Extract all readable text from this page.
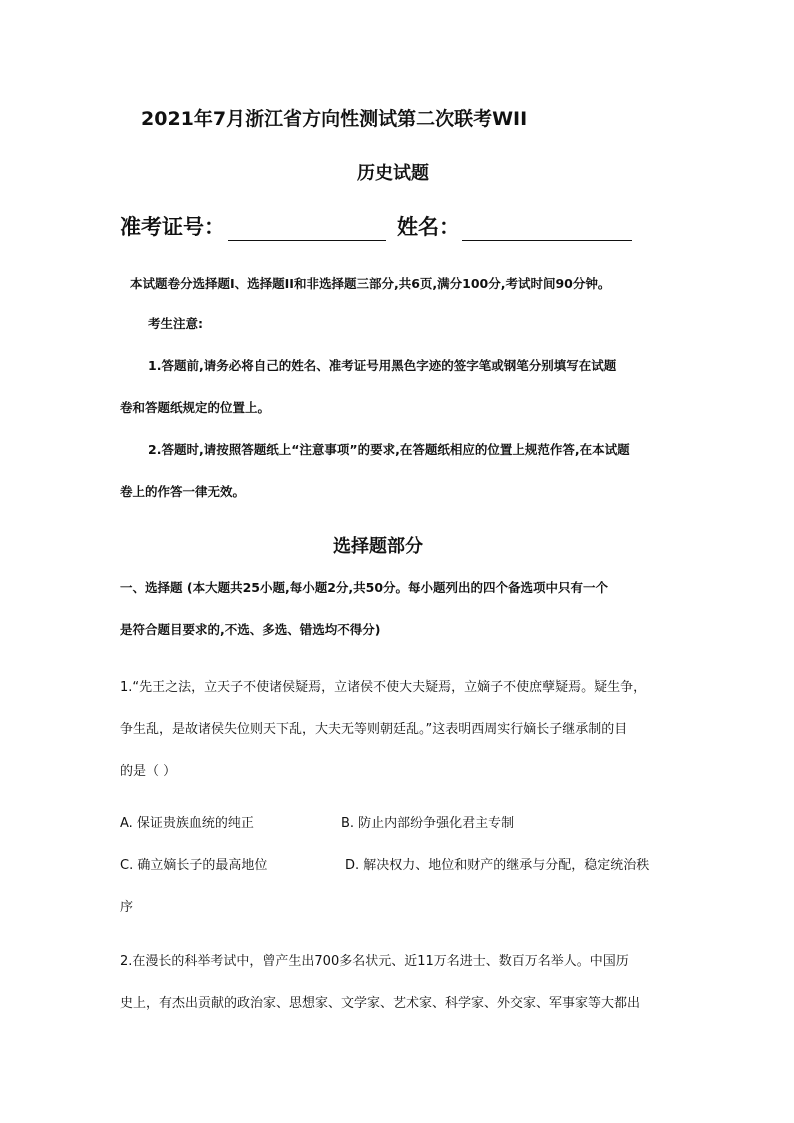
2021年7月浙江省方向性测试第二次联考WII
历史试题
准考证号：	姓名：
本试题卷分选择题I、选择题II和非选择题三部分,共6页,满分100分,考试时间90分钟。
考生注意:
1.答题前,请务必将自己的姓名、准考证号用黑色字迹的签字笔或钢笔分别填写在试题
卷和答题纸规定的位置上。
2.答题时,请按照答题纸上“注意事项”的要求,在答题纸相应的位置上规范作答,在本试题
卷上的作答一律无效。
选择题部分
一、选择题 (本大题共25小题,每小题2分,共50分。每小题列出的四个备选项中只有一个
是符合题目要求的,不选、多选、错选均不得分)
1.“先王之法，立天子不使诸侯疑焉，立诸侯不使大夫疑焉，立嫡子不使庶孽疑焉。疑生争，
争生乱，是故诸侯失位则天下乱，大夫无等则朝廷乱。”这表明西周实行嫡长子继承制的目
的是（ ）
A. 保证贵族血统的纯正	B. 防止内部纷争强化君主专制
C. 确立嫡长子的最高地位	D. 解决权力、地位和财产的继承与分配，稳定统治秩
序
2.在漫长的科举考试中，曾产生出700多名状元、近11万名进士、数百万名举人。中国历
史上，有杰出贡献的政治家、思想家、文学家、艺术家、科学家、外交家、军事家等大都出
